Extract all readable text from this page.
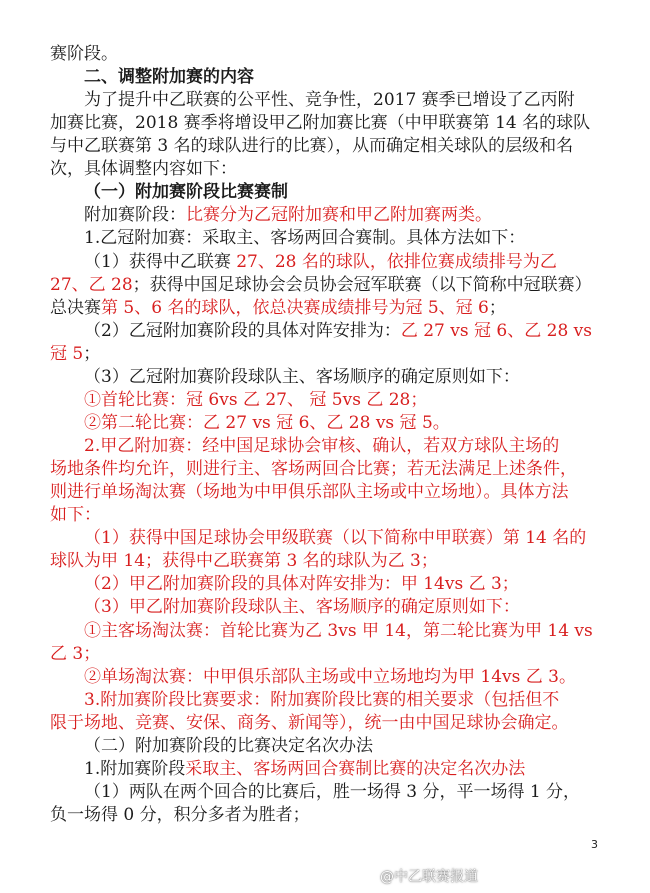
赛阶段。
二、调整附加赛的内容
为了提升中乙联赛的公平性、竞争性，2017 赛季已增设了乙丙附
加赛比赛，2018 赛季将增设甲乙附加赛比赛（中甲联赛第 14 名的球队
与中乙联赛第 3 名的球队进行的比赛），从而确定相关球队的层级和名
次，具体调整内容如下：
（一）附加赛阶段比赛赛制
附加赛阶段：比赛分为乙冠附加赛和甲乙附加赛两类。
1.乙冠附加赛：采取主、客场两回合赛制。具体方法如下：
（1）获得中乙联赛 27、28 名的球队，依排位赛成绩排号为乙
27、乙 28；获得中国足球协会会员协会冠军联赛（以下简称中冠联赛）
总决赛第 5、6 名的球队，依总决赛成绩排号为冠 5、冠 6；
（2）乙冠附加赛阶段的具体对阵安排为：乙 27 vs 冠 6、乙 28 vs
冠 5；
（3）乙冠附加赛阶段球队主、客场顺序的确定原则如下：
①首轮比赛：冠 6vs 乙 27、 冠 5vs 乙 28；
②第二轮比赛：乙 27 vs 冠 6、乙 28 vs 冠 5。
2.甲乙附加赛：经中国足球协会审核、确认，若双方球队主场的
场地条件均允许，则进行主、客场两回合比赛；若无法满足上述条件，
则进行单场淘汰赛（场地为中甲俱乐部队主场或中立场地）。具体方法
如下：
（1）获得中国足球协会甲级联赛（以下简称中甲联赛）第 14 名的
球队为甲 14；获得中乙联赛第 3 名的球队为乙 3；
（2）甲乙附加赛阶段的具体对阵安排为：甲 14vs 乙 3；
（3）甲乙附加赛阶段球队主、客场顺序的确定原则如下：
①主客场淘汰赛：首轮比赛为乙 3vs 甲 14，第二轮比赛为甲 14 vs
乙 3；
②单场淘汰赛：中甲俱乐部队主场或中立场地均为甲 14vs 乙 3。
3.附加赛阶段比赛要求：附加赛阶段比赛的相关要求（包括但不
限于场地、竞赛、安保、商务、新闻等），统一由中国足球协会确定。
（二）附加赛阶段的比赛决定名次办法
1.附加赛阶段采取主、客场两回合赛制比赛的决定名次办法
（1）两队在两个回合的比赛后，胜一场得 3 分，平一场得 1 分，
负一场得 0 分，积分多者为胜者；
3
@中乙联赛报道
